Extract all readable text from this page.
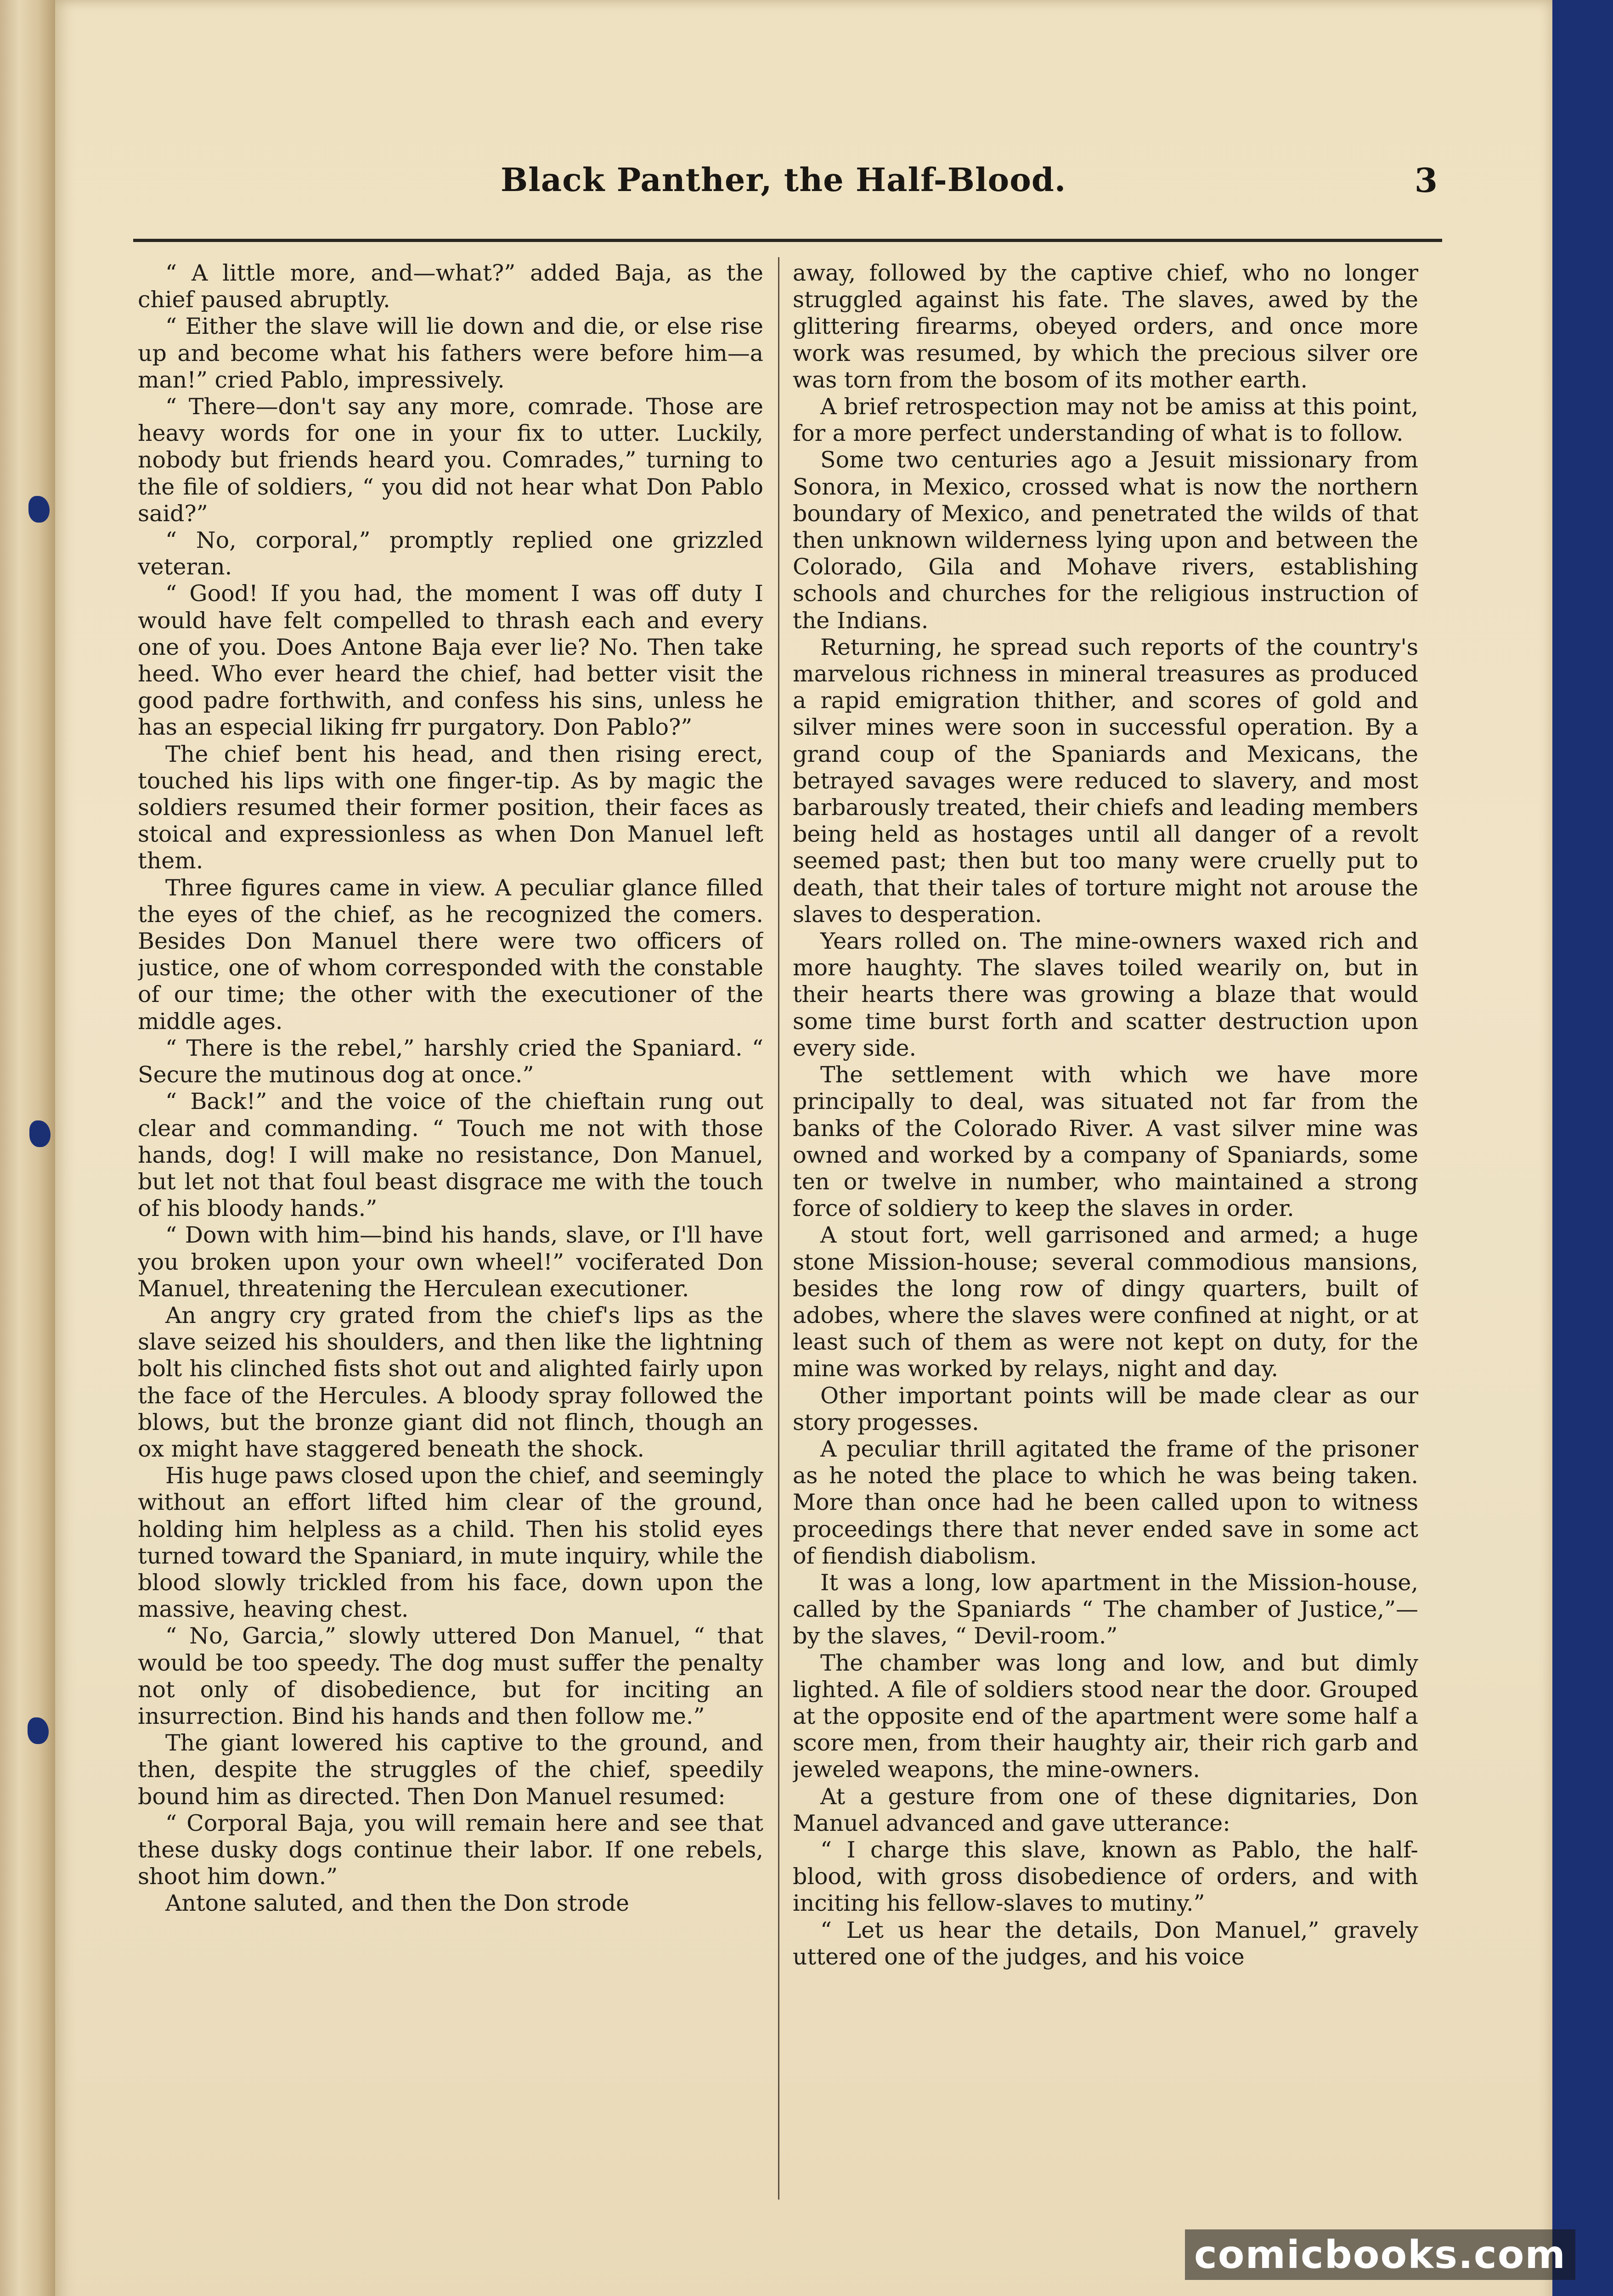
Black Panther, the Half-Blood.	3

“ A little more, and—what?” added Baja, as the chief paused abruptly.

“ Either the slave will lie down and die, or else rise up and become what his fathers were before him—a man!” cried Pablo, impressively.

“ There—don't say any more, comrade. Those are heavy words for one in your fix to utter. Luckily, nobody but friends heard you. Comrades,” turning to the file of soldiers, “ you did not hear what Don Pablo said?”

“ No, corporal,” promptly replied one grizzled veteran.

“ Good! If you had, the moment I was off duty I would have felt compelled to thrash each and every one of you. Does Antone Baja ever lie? No. Then take heed. Who ever heard the chief, had better visit the good padre forthwith, and confess his sins, unless he has an especial liking frr purgatory. Don Pablo?”

The chief bent his head, and then rising erect, touched his lips with one finger-tip. As by magic the soldiers resumed their former position, their faces as stoical and expressionless as when Don Manuel left them.

Three figures came in view. A peculiar glance filled the eyes of the chief, as he recognized the comers. Besides Don Manuel there were two officers of justice, one of whom corresponded with the constable of our time; the other with the executioner of the middle ages.

“ There is the rebel,” harshly cried the Spaniard. “ Secure the mutinous dog at once.”

“ Back!” and the voice of the chieftain rung out clear and commanding. “ Touch me not with those hands, dog! I will make no resistance, Don Manuel, but let not that foul beast disgrace me with the touch of his bloody hands.”

“ Down with him—bind his hands, slave, or I'll have you broken upon your own wheel!” vociferated Don Manuel, threatening the Herculean executioner.

An angry cry grated from the chief's lips as the slave seized his shoulders, and then like the lightning bolt his clinched fists shot out and alighted fairly upon the face of the Hercules. A bloody spray followed the blows, but the bronze giant did not flinch, though an ox might have staggered beneath the shock.

His huge paws closed upon the chief, and seemingly without an effort lifted him clear of the ground, holding him helpless as a child. Then his stolid eyes turned toward the Spaniard, in mute inquiry, while the blood slowly trickled from his face, down upon the massive, heaving chest.

“ No, Garcia,” slowly uttered Don Manuel, “ that would be too speedy. The dog must suffer the penalty not only of disobedience, but for inciting an insurrection. Bind his hands and then follow me.”

The giant lowered his captive to the ground, and then, despite the struggles of the chief, speedily bound him as directed. Then Don Manuel resumed:

“ Corporal Baja, you will remain here and see that these dusky dogs continue their labor. If one rebels, shoot him down.”

Antone saluted, and then the Don strode

away, followed by the captive chief, who no longer struggled against his fate. The slaves, awed by the glittering firearms, obeyed orders, and once more work was resumed, by which the precious silver ore was torn from the bosom of its mother earth.

A brief retrospection may not be amiss at this point, for a more perfect understanding of what is to follow.

Some two centuries ago a Jesuit missionary from Sonora, in Mexico, crossed what is now the northern boundary of Mexico, and penetrated the wilds of that then unknown wilderness lying upon and between the Colorado, Gila and Mohave rivers, establishing schools and churches for the religious instruction of the Indians.

Returning, he spread such reports of the country's marvelous richness in mineral treasures as produced a rapid emigration thither, and scores of gold and silver mines were soon in successful operation. By a grand coup of the Spaniards and Mexicans, the betrayed savages were reduced to slavery, and most barbarously treated, their chiefs and leading members being held as hostages until all danger of a revolt seemed past; then but too many were cruelly put to death, that their tales of torture might not arouse the slaves to desperation.

Years rolled on. The mine-owners waxed rich and more haughty. The slaves toiled wearily on, but in their hearts there was growing a blaze that would some time burst forth and scatter destruction upon every side.

The settlement with which we have more principally to deal, was situated not far from the banks of the Colorado River. A vast silver mine was owned and worked by a company of Spaniards, some ten or twelve in number, who maintained a strong force of soldiery to keep the slaves in order.

A stout fort, well garrisoned and armed; a huge stone Mission-house; several commodious mansions, besides the long row of dingy quarters, built of adobes, where the slaves were confined at night, or at least such of them as were not kept on duty, for the mine was worked by relays, night and day.

Other important points will be made clear as our story progesses.

A peculiar thrill agitated the frame of the prisoner as he noted the place to which he was being taken. More than once had he been called upon to witness proceedings there that never ended save in some act of fiendish diabolism.

It was a long, low apartment in the Mission-house, called by the Spaniards “ The chamber of Justice,”—by the slaves, “ Devil-room.”

The chamber was long and low, and but dimly lighted. A file of soldiers stood near the door. Grouped at the opposite end of the apartment were some half a score men, from their haughty air, their rich garb and jeweled weapons, the mine-owners.

At a gesture from one of these dignitaries, Don Manuel advanced and gave utterance:

“ I charge this slave, known as Pablo, the half-blood, with gross disobedience of orders, and with inciting his fellow-slaves to mutiny.”

“ Let us hear the details, Don Manuel,” gravely uttered one of the judges, and his voice

comicbooks.com
